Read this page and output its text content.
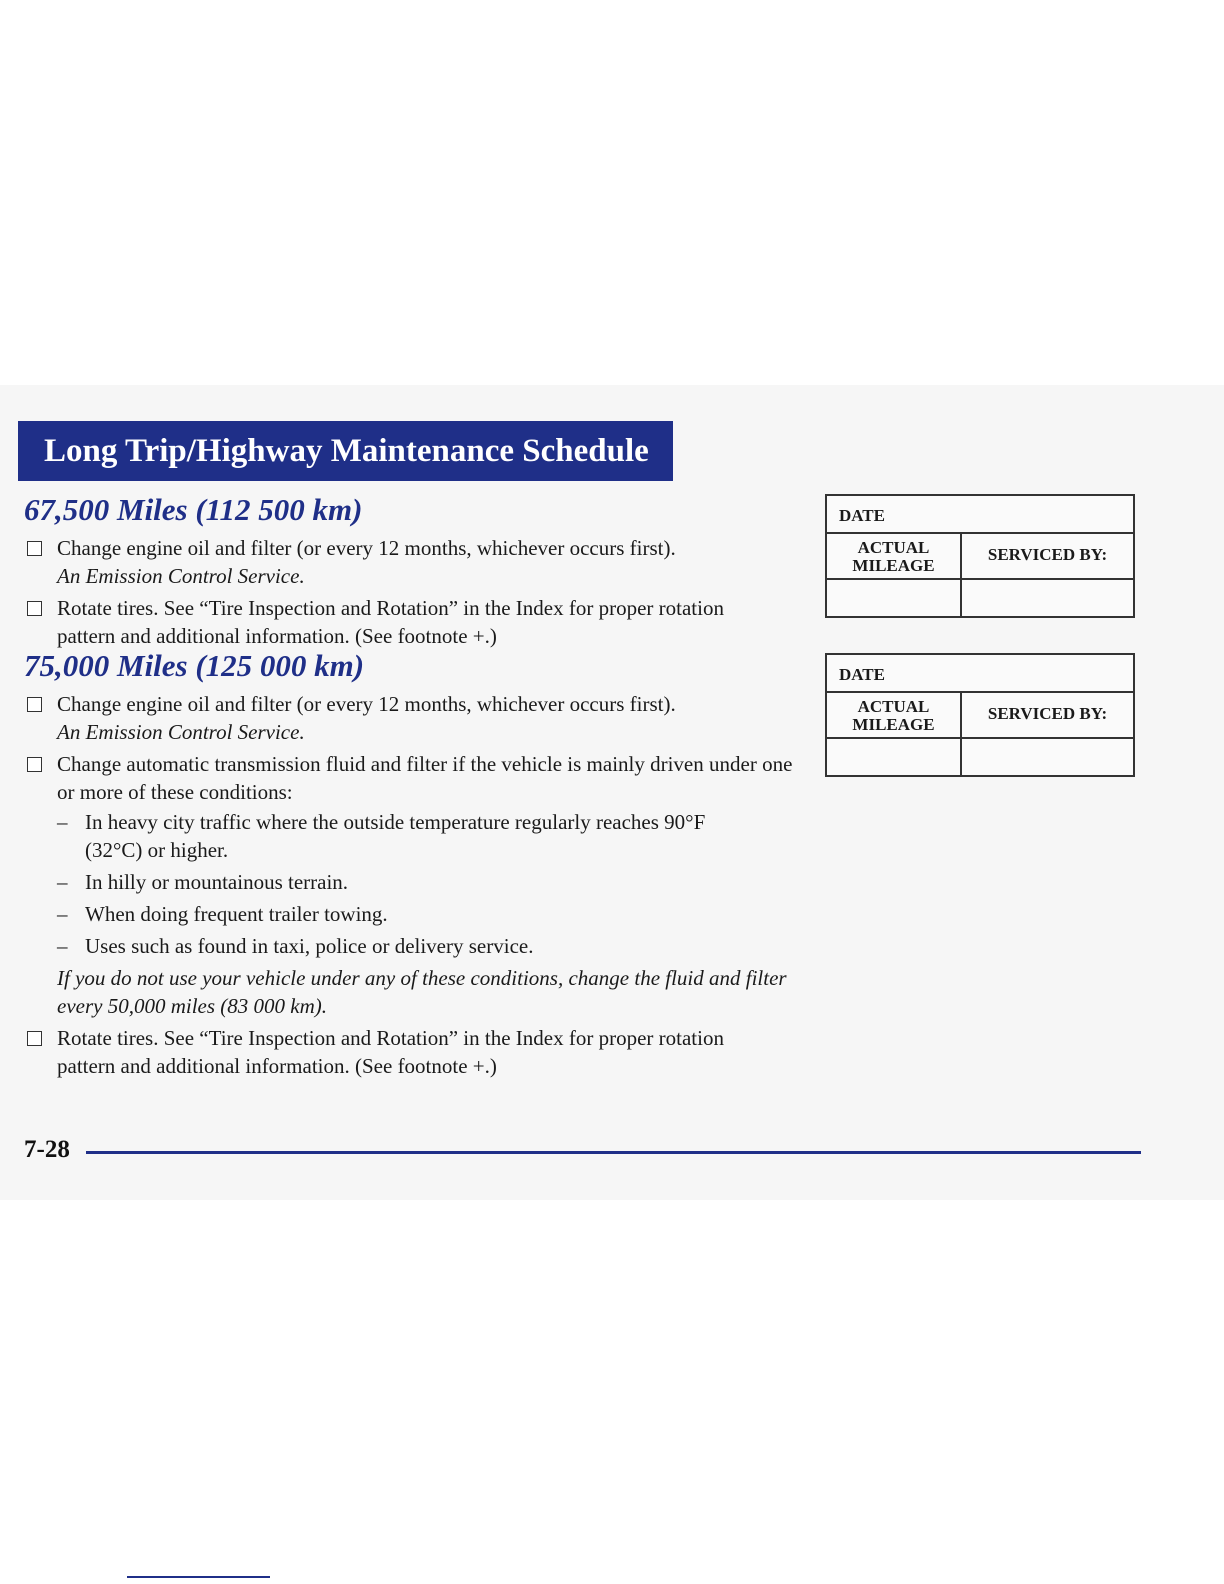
Long Trip/Highway Maintenance Schedule
67,500 Miles (112 500 km)
Change engine oil and filter (or every 12 months, whichever occurs first).
An Emission Control Service.
Rotate tires. See “Tire Inspection and Rotation” in the Index for proper rotation pattern and additional information. (See footnote +.)
75,000 Miles (125 000 km)
Change engine oil and filter (or every 12 months, whichever occurs first).
An Emission Control Service.
Change automatic transmission fluid and filter if the vehicle is mainly driven under one or more of these conditions:
– In heavy city traffic where the outside temperature regularly reaches 90°F (32°C) or higher.
– In hilly or mountainous terrain.
– When doing frequent trailer towing.
– Uses such as found in taxi, police or delivery service.
If you do not use your vehicle under any of these conditions, change the fluid and filter every 50,000 miles (83 000 km).
Rotate tires. See “Tire Inspection and Rotation” in the Index for proper rotation pattern and additional information. (See footnote +.)
DATE
ACTUAL MILEAGE
SERVICED BY:
DATE
ACTUAL MILEAGE
SERVICED BY:
7-28
